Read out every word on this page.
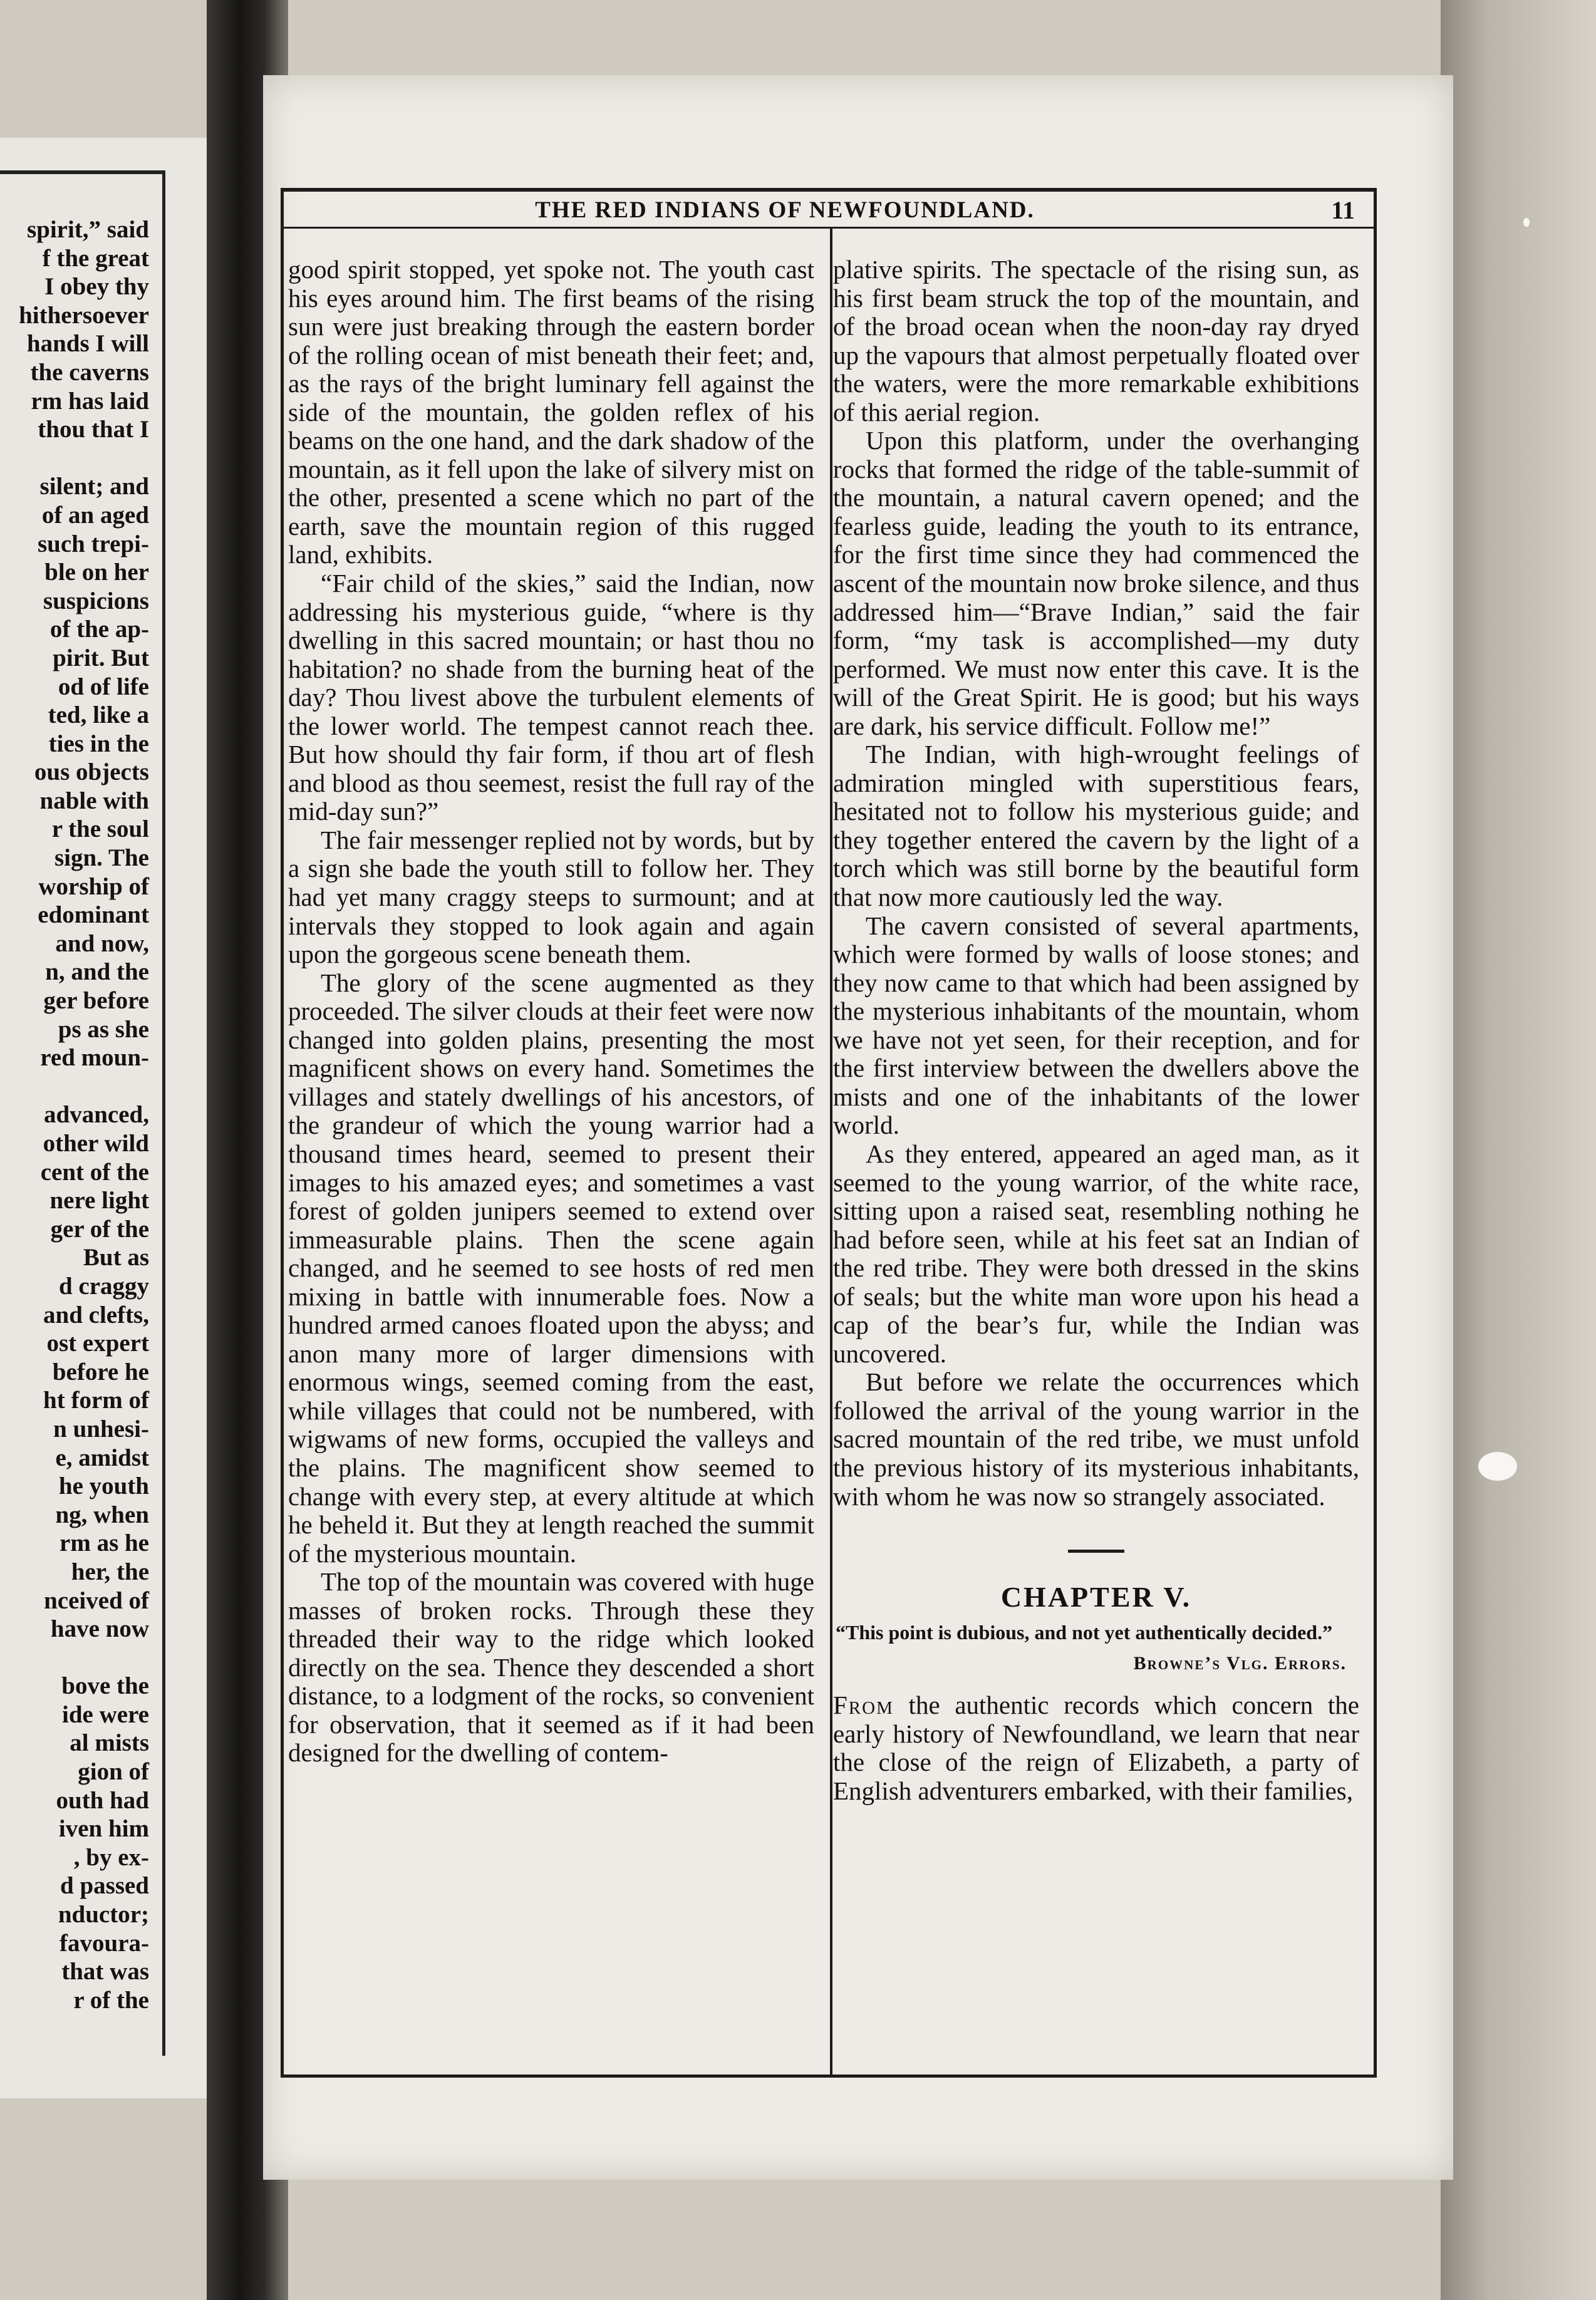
spirit,” said
f the great
I obey thy
hithersoever
hands I will
the caverns
rm has laid
thou that I

silent; and
of an aged
such trepi-
ble on her
suspicions
of the ap-
pirit. But
od of life
ted, like a
ties in the
ous objects
nable with
r the soul
sign. The
worship of
edominant
and now,
n, and the
ger before
ps as she
red moun-

advanced,
other wild
cent of the
nere light
ger of the
But as
d craggy
and clefts,
ost expert
before he
ht form of
n unhesi-
e, amidst
he youth
ng, when
rm as he
her, the
nceived of
have now

bove the
ide were
al mists
gion of
outh had
iven him
, by ex-
d passed
nductor;
favoura-
that was
r of the
THE RED INDIANS OF NEWFOUNDLAND.	11

good spirit stopped, yet spoke not. The youth cast his eyes around him. The first beams of the rising sun were just breaking through the eastern border of the rolling ocean of mist beneath their feet; and, as the rays of the bright luminary fell against the side of the mountain, the golden reflex of his beams on the one hand, and the dark shadow of the mountain, as it fell upon the lake of silvery mist on the other, presented a scene which no part of the earth, save the mountain region of this rugged land, exhibits.

“Fair child of the skies,” said the Indian, now addressing his mysterious guide, “where is thy dwelling in this sacred mountain; or hast thou no habitation? no shade from the burning heat of the day? Thou livest above the turbulent elements of the lower world. The tempest cannot reach thee. But how should thy fair form, if thou art of flesh and blood as thou seemest, resist the full ray of the mid-day sun?”

The fair messenger replied not by words, but by a sign she bade the youth still to follow her. They had yet many craggy steeps to surmount; and at intervals they stopped to look again and again upon the gorgeous scene beneath them.

The glory of the scene augmented as they proceeded. The silver clouds at their feet were now changed into golden plains, presenting the most magnificent shows on every hand. Sometimes the villages and stately dwellings of his ancestors, of the grandeur of which the young warrior had a thousand times heard, seemed to present their images to his amazed eyes; and sometimes a vast forest of golden junipers seemed to extend over immeasurable plains. Then the scene again changed, and he seemed to see hosts of red men mixing in battle with innumerable foes. Now a hundred armed canoes floated upon the abyss; and anon many more of larger dimensions with enormous wings, seemed coming from the east, while villages that could not be numbered, with wigwams of new forms, occupied the valleys and the plains. The magnificent show seemed to change with every step, at every altitude at which he beheld it. But they at length reached the summit of the mysterious mountain.

The top of the mountain was covered with huge masses of broken rocks. Through these they threaded their way to the ridge which looked directly on the sea. Thence they descended a short distance, to a lodgment of the rocks, so convenient for observation, that it seemed as if it had been designed for the dwelling of contem-

plative spirits. The spectacle of the rising sun, as his first beam struck the top of the mountain, and of the broad ocean when the noon-day ray dryed up the vapours that almost perpetually floated over the waters, were the more remarkable exhibitions of this aerial region.

Upon this platform, under the overhanging rocks that formed the ridge of the table-summit of the mountain, a natural cavern opened; and the fearless guide, leading the youth to its entrance, for the first time since they had commenced the ascent of the mountain now broke silence, and thus addressed him—“Brave Indian,” said the fair form, “my task is accomplished—my duty performed. We must now enter this cave. It is the will of the Great Spirit. He is good; but his ways are dark, his service difficult. Follow me!”

The Indian, with high-wrought feelings of admiration mingled with superstitious fears, hesitated not to follow his mysterious guide; and they together entered the cavern by the light of a torch which was still borne by the beautiful form that now more cautiously led the way.

The cavern consisted of several apartments, which were formed by walls of loose stones; and they now came to that which had been assigned by the mysterious inhabitants of the mountain, whom we have not yet seen, for their reception, and for the first interview between the dwellers above the mists and one of the inhabitants of the lower world.

As they entered, appeared an aged man, as it seemed to the young warrior, of the white race, sitting upon a raised seat, resembling nothing he had before seen, while at his feet sat an Indian of the red tribe. They were both dressed in the skins of seals; but the white man wore upon his head a cap of the bear’s fur, while the Indian was uncovered.

But before we relate the occurrences which followed the arrival of the young warrior in the sacred mountain of the red tribe, we must unfold the previous history of its mysterious inhabitants, with whom he was now so strangely associated.

CHAPTER V.

“This point is dubious, and not yet authentically decided.”

Browne’s Vlg. Errors.

From the authentic records which concern the early history of Newfoundland, we learn that near the close of the reign of Elizabeth, a party of English adventurers embarked, with their families,
